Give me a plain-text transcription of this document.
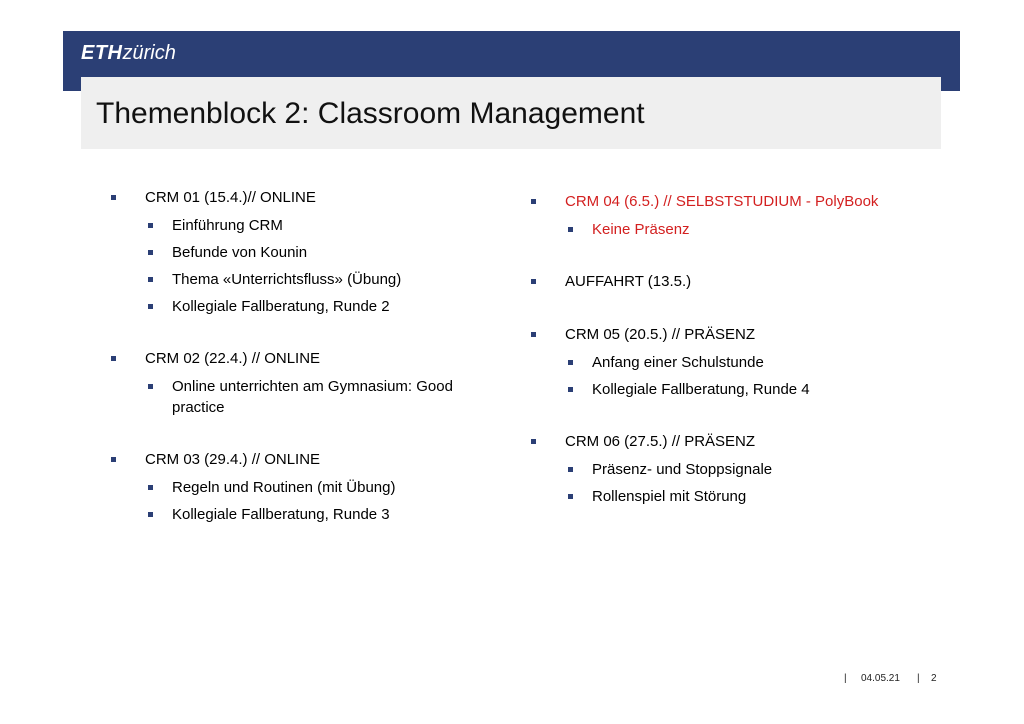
ETHzürich
Themenblock 2: Classroom Management
CRM 01 (15.4.)// ONLINE
Einführung CRM
Befunde von Kounin
Thema «Unterrichtsfluss» (Übung)
Kollegiale Fallberatung, Runde 2
CRM 02 (22.4.) // ONLINE
Online unterrichten am Gymnasium: Good practice
CRM 03 (29.4.) // ONLINE
Regeln und Routinen (mit Übung)
Kollegiale Fallberatung, Runde 3
CRM 04 (6.5.) // SELBSTSTUDIUM - PolyBook
Keine Präsenz
AUFFAHRT (13.5.)
CRM 05 (20.5.) // PRÄSENZ
Anfang einer Schulstunde
Kollegiale Fallberatung, Runde 4
CRM 06 (27.5.) // PRÄSENZ
Präsenz- und Stoppsignale
Rollenspiel mit Störung
| 04.05.21 | 2
